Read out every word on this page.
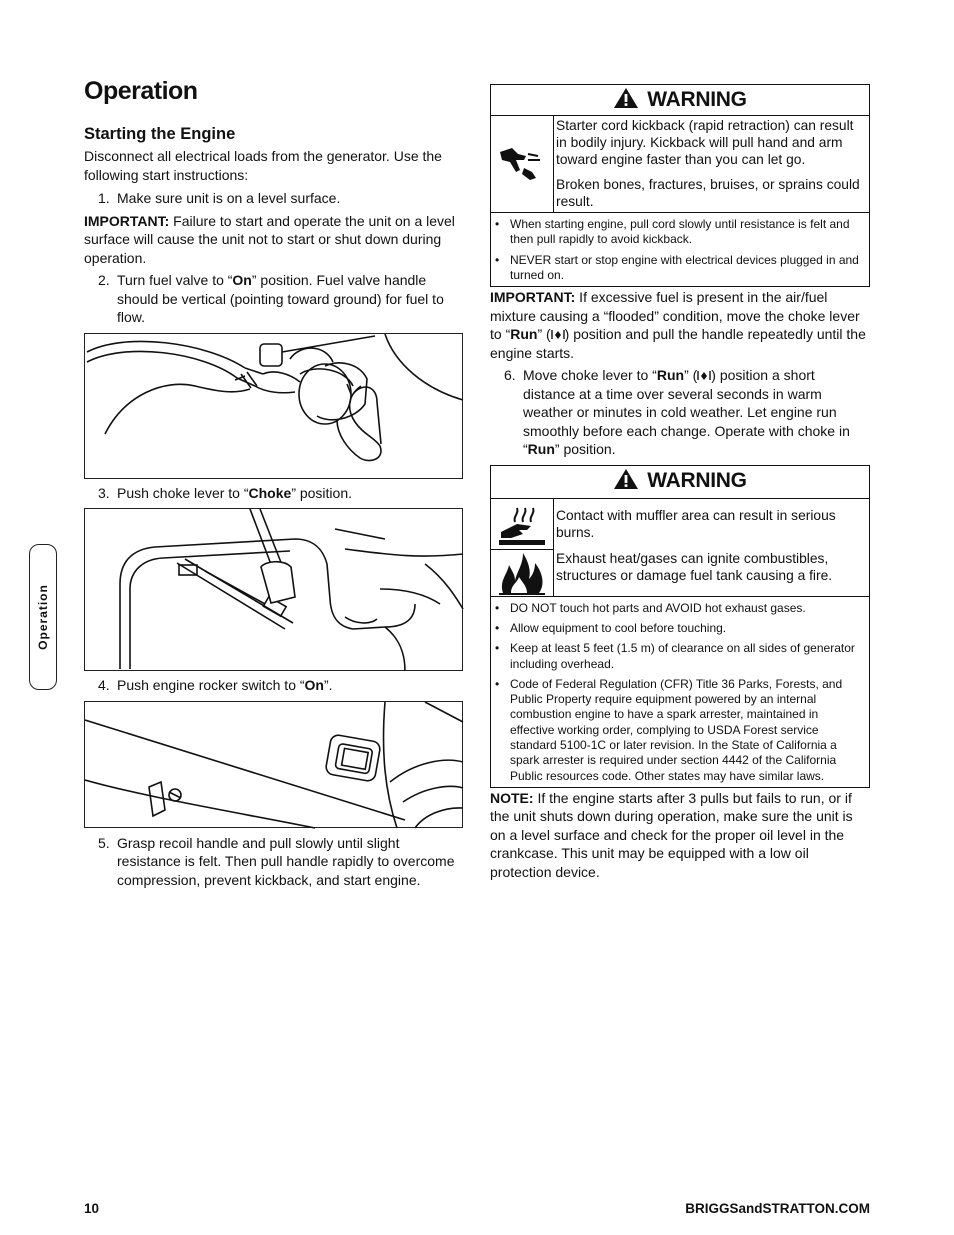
Operation
Starting the Engine

Disconnect all electrical loads from the generator. Use the following start instructions:

1. Make sure unit is on a level surface.

IMPORTANT: Failure to start and operate the unit on a level surface will cause the unit not to start or shut down during operation.

2. Turn fuel valve to “On” position. Fuel valve handle should be vertical (pointing toward ground) for fuel to flow.
3. Push choke lever to “Choke” position.
4. Push engine rocker switch to “On”.
5. Grasp recoil handle and pull slowly until slight resistance is felt. Then pull handle rapidly to overcome compression, prevent kickback, and start engine.
WARNING

Starter cord kickback (rapid retraction) can result in bodily injury. Kickback will pull hand and arm toward engine faster than you can let go.

Broken bones, fractures, bruises, or sprains could result.

• When starting engine, pull cord slowly until resistance is felt and then pull rapidly to avoid kickback.
• NEVER start or stop engine with electrical devices plugged in and turned on.

IMPORTANT: If excessive fuel is present in the air/fuel mixture causing a “flooded” condition, move the choke lever to “Run” ( ) position and pull the handle repeatedly until the engine starts.

6. Move choke lever to “Run” ( ) position a short distance at a time over several seconds in warm weather or minutes in cold weather. Let engine run smoothly before each change. Operate with choke in “Run” position.
WARNING

Contact with muffler area can result in serious burns.

Exhaust heat/gases can ignite combustibles, structures or damage fuel tank causing a fire.

• DO NOT touch hot parts and AVOID hot exhaust gases.
• Allow equipment to cool before touching.
• Keep at least 5 feet (1.5 m) of clearance on all sides of generator including overhead.
• Code of Federal Regulation (CFR) Title 36 Parks, Forests, and Public Property require equipment powered by an internal combustion engine to have a spark arrester, maintained in effective working order, complying to USDA Forest service standard 5100-1C or later revision. In the State of California a spark arrester is required under section 4442 of the California Public resources code. Other states may have similar laws.

NOTE: If the engine starts after 3 pulls but fails to run, or if the unit shuts down during operation, make sure the unit is on a level surface and check for the proper oil level in the crankcase. This unit may be equipped with a low oil protection device.

Operation
10	BRIGGSandSTRATTON.COM
